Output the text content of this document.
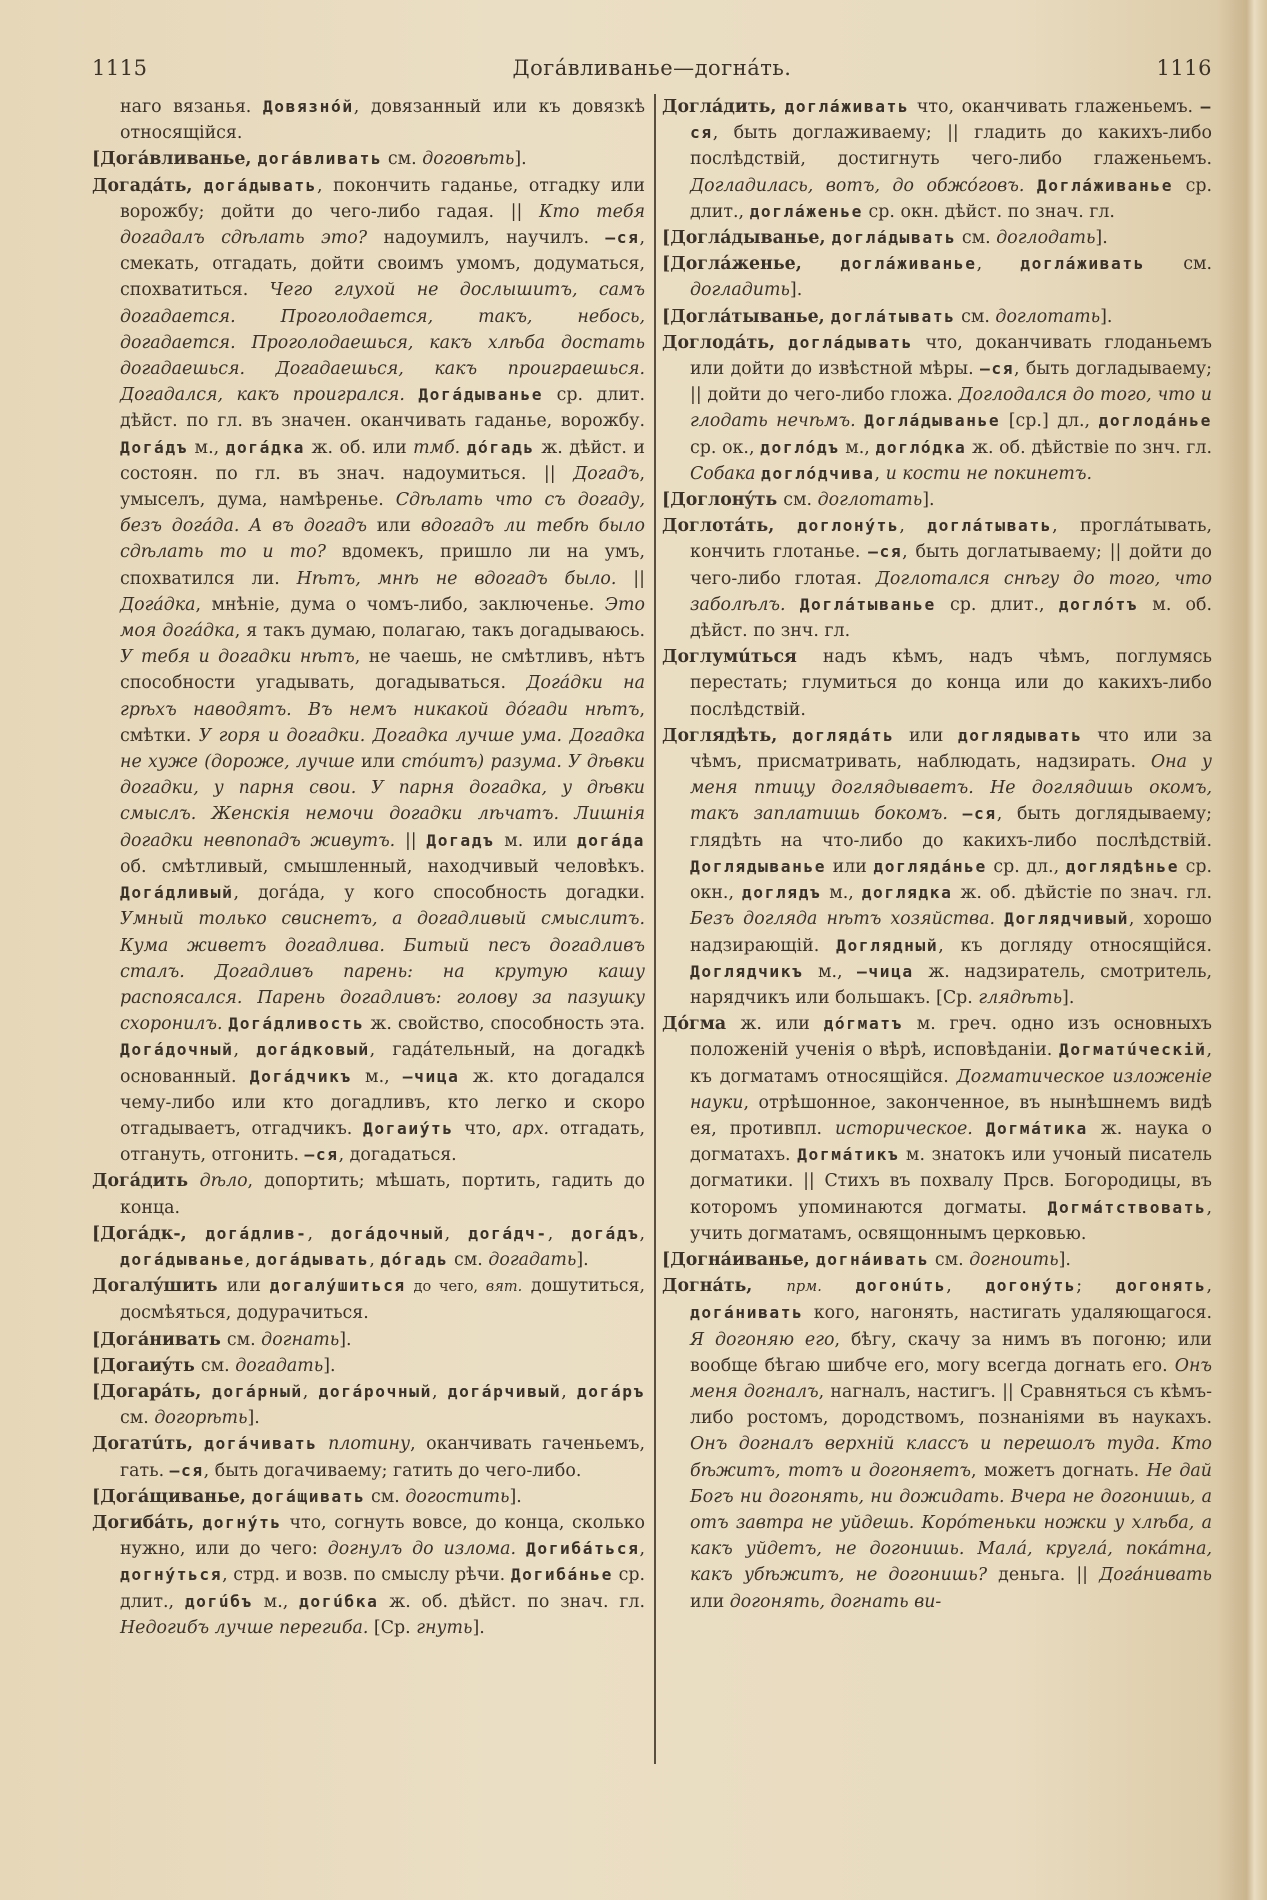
1115	Догáвливанье—догнáть.	1116

наго вязанья. Довязнóй, довязанный или къ довязкѣ относящiйся.

[Догáвливанье, догáвливать см. договѣть].

Догадáть, догáдывать, покончить гаданье, отгадку или ворожбу; дойти до чего-либо гадая. || Кто тебя догадалъ сдѣлать это? надоумилъ, научилъ. —ся, смекать, отгадать, дойти своимъ умомъ, додуматься, спохватиться. Чего глухой не дослышитъ, самъ догадается. Проголодается, такъ, небось, догадается. Проголодаешься, какъ хлѣба достать догадаешься. Догадаешься, какъ проиграешься. Догадался, какъ проигрался. Догáдыванье ср. длит. дѣйст. по гл. въ значен. оканчивать гаданье, ворожбу. Догáдъ м., догáдка ж. об. или тмб. дóгадь ж. дѣйст. и состоян. по гл. въ знач. надоумиться. || Догадъ, умыселъ, дума, намѣренье. Сдѣлать что съ догаду, безъ догáда. А въ догадъ или вдогадъ ли тебѣ было сдѣлать то и то? вдомекъ, пришло ли на умъ, спохватился ли. Нѣтъ, мнѣ не вдогадъ было. || Догáдка, мнѣнiе, дума о чомъ-либо, заключенье. Это моя догáдка, я такъ думаю, полагаю, такъ догадываюсь. У тебя и догадки нѣтъ, не чаешь, не смѣтливъ, нѣтъ способности угадывать, догадываться. Догáдки на грѣхъ наводятъ. Въ немъ никакой дóгади нѣтъ, смѣтки. У горя и догадки. Догадка лучше ума. Догадка не хуже (дороже, лучше или стóитъ) разума. У дѣвки догадки, у парня свои. У парня догадка, у дѣвки смыслъ. Женскiя немочи догадки лѣчатъ. Лишнiя догадки невпопадъ живутъ. || Догадъ м. или догáда об. смѣтливый, смышленный, находчивый человѣкъ. Догáдливый, догáда, у кого способность догадки. Умный только свиснетъ, а догадливый смыслитъ. Кума живетъ догадлива. Битый песъ догадливъ сталъ. Догадливъ парень: на крутую кашу распоясался. Парень догадливъ: голову за пазушку схоронилъ. Догáдливость ж. свойство, способность эта. Догáдочный, догáдковый, гадáтельный, на догадкѣ основанный. Догáдчикъ м., —чица ж. кто догадался чему-либо или кто догадливъ, кто легко и скоро отгадываетъ, отгадчикъ. Догаиýть что, арх. отгадать, отгануть, отгонить. —ся, догадаться.

Догáдить дѣло, допортить; мѣшать, портить, гадить до конца.

[Догáдк-, догáдлив-, догáдочный, догáдч-, догáдъ, догáдыванье, догáдывать, дóгадь см. догадать].

Догалýшить или догалýшиться до чего, вят. дошутиться, досмѣяться, додурачиться.

[Догáнивать см. догнать].

[Догаиýть см. догадать].

[Догарáть, догáрный, догáрочный, догáрчивый, догáръ см. догорѣть].

Догатúть, догáчивать плотину, оканчивать гаченьемъ, гать. —ся, быть догачиваему; гатить до чего-либо.

[Догáщиванье, догáщивать см. догостить].

Догибáть, догнýть что, согнуть вовсе, до конца, сколько нужно, или до чего: догнулъ до излома. Догибáться, догнýться, стрд. и возв. по смыслу рѣчи. Догибáнье ср. длит., догúбъ м., догúбка ж. об. дѣйст. по знач. гл. Недогибъ лучше перегиба. [Ср. гнуть].

Доглáдить, доглáживать что, оканчивать глаженьемъ. —ся, быть доглаживаему; || гладить до какихъ-либо послѣдствiй, достигнуть чего-либо глаженьемъ. Догладилась, вотъ, до обжóговъ. Доглáживанье ср. длит., доглáженье ср. окн. дѣйст. по знач. гл.

[Доглáдыванье, доглáдывать см. доглодать].

[Доглáженье, доглáживанье, доглáживать см. догладить].

[Доглáтыванье, доглáтывать см. доглотать].

Доглодáть, доглáдывать что, доканчивать глоданьемъ или дойти до извѣстной мѣры. —ся, быть догладываему; || дойти до чего-либо гложа. Доглодался до того, что и глодать нечѣмъ. Доглáдыванье [ср.] дл., доглодáнье ср. ок., доглóдъ м., доглóдка ж. об. дѣйствiе по знч. гл. Собака доглóдчива, и кости не покинетъ.

[Доглонýть см. доглотать].

Доглотáть, доглонýть, доглáтывать, проглáтывать, кончить глотанье. —ся, быть доглатываему; || дойти до чего-либо глотая. Доглотался снѣгу до того, что заболѣлъ. Доглáтыванье ср. длит., доглóтъ м. об. дѣйст. по знч. гл.

Доглумúться надъ кѣмъ, надъ чѣмъ, поглумясь перестать; глумиться до конца или до какихъ-либо послѣдствiй.

Доглядѣть, доглядáть или доглядывать что или за чѣмъ, присматривать, наблюдать, надзирать. Она у меня птицу доглядываетъ. Не доглядишь окомъ, такъ заплатишь бокомъ. —ся, быть доглядываему; глядѣть на что-либо до какихъ-либо послѣдствiй. Доглядыванье или доглядáнье ср. дл., доглядѣнье ср. окн., доглядъ м., доглядка ж. об. дѣйстiе по знач. гл. Безъ догляда нѣтъ хозяйства. Доглядчивый, хорошо надзирающiй. Доглядный, къ догляду относящiйся. Доглядчикъ м., —чица ж. надзиратель, смотритель, нарядчикъ или большакъ. [Ср. глядѣть].

Дóгма ж. или дóгматъ м. греч. одно изъ основныхъ положенiй ученiя о вѣрѣ, исповѣданiи. Догматúческiй, къ догматамъ относящiйся. Догматическое изложенiе науки, отрѣшонное, законченное, въ нынѣшнемъ видѣ ея, противпл. историческое. Догмáтика ж. наука о догматахъ. Догмáтикъ м. знатокъ или учоный писатель догматики. || Стихъ въ похвалу Прсв. Богородицы, въ которомъ упоминаются догматы. Догмáтствовать, учить догматамъ, освящоннымъ церковью.

[Догнáиванье, догнáивать см. догноить].

Догнáть, прм. догонúть, догонýть; догонять, догáнивать кого, нагонять, настигать удаляющагося. Я догоняю его, бѣгу, скачу за нимъ въ погоню; или вообще бѣгаю шибче его, могу всегда догнать его. Онъ меня догналъ, нагналъ, настигъ. || Сравняться съ кѣмъ-либо ростомъ, дородствомъ, познанiями въ наукахъ. Онъ догналъ верхнiй классъ и перешолъ туда. Кто бѣжитъ, тотъ и догоняетъ, можетъ догнать. Не дай Богъ ни догонять, ни дожидать. Вчера не догонишь, а отъ завтра не уйдешь. Корóтеньки ножки у хлѣба, а какъ уйдетъ, не догонишь. Малá, круглá, покáтна, какъ убѣжитъ, не догонишь? деньга. || Догáнивать или догонять, догнать ви-
